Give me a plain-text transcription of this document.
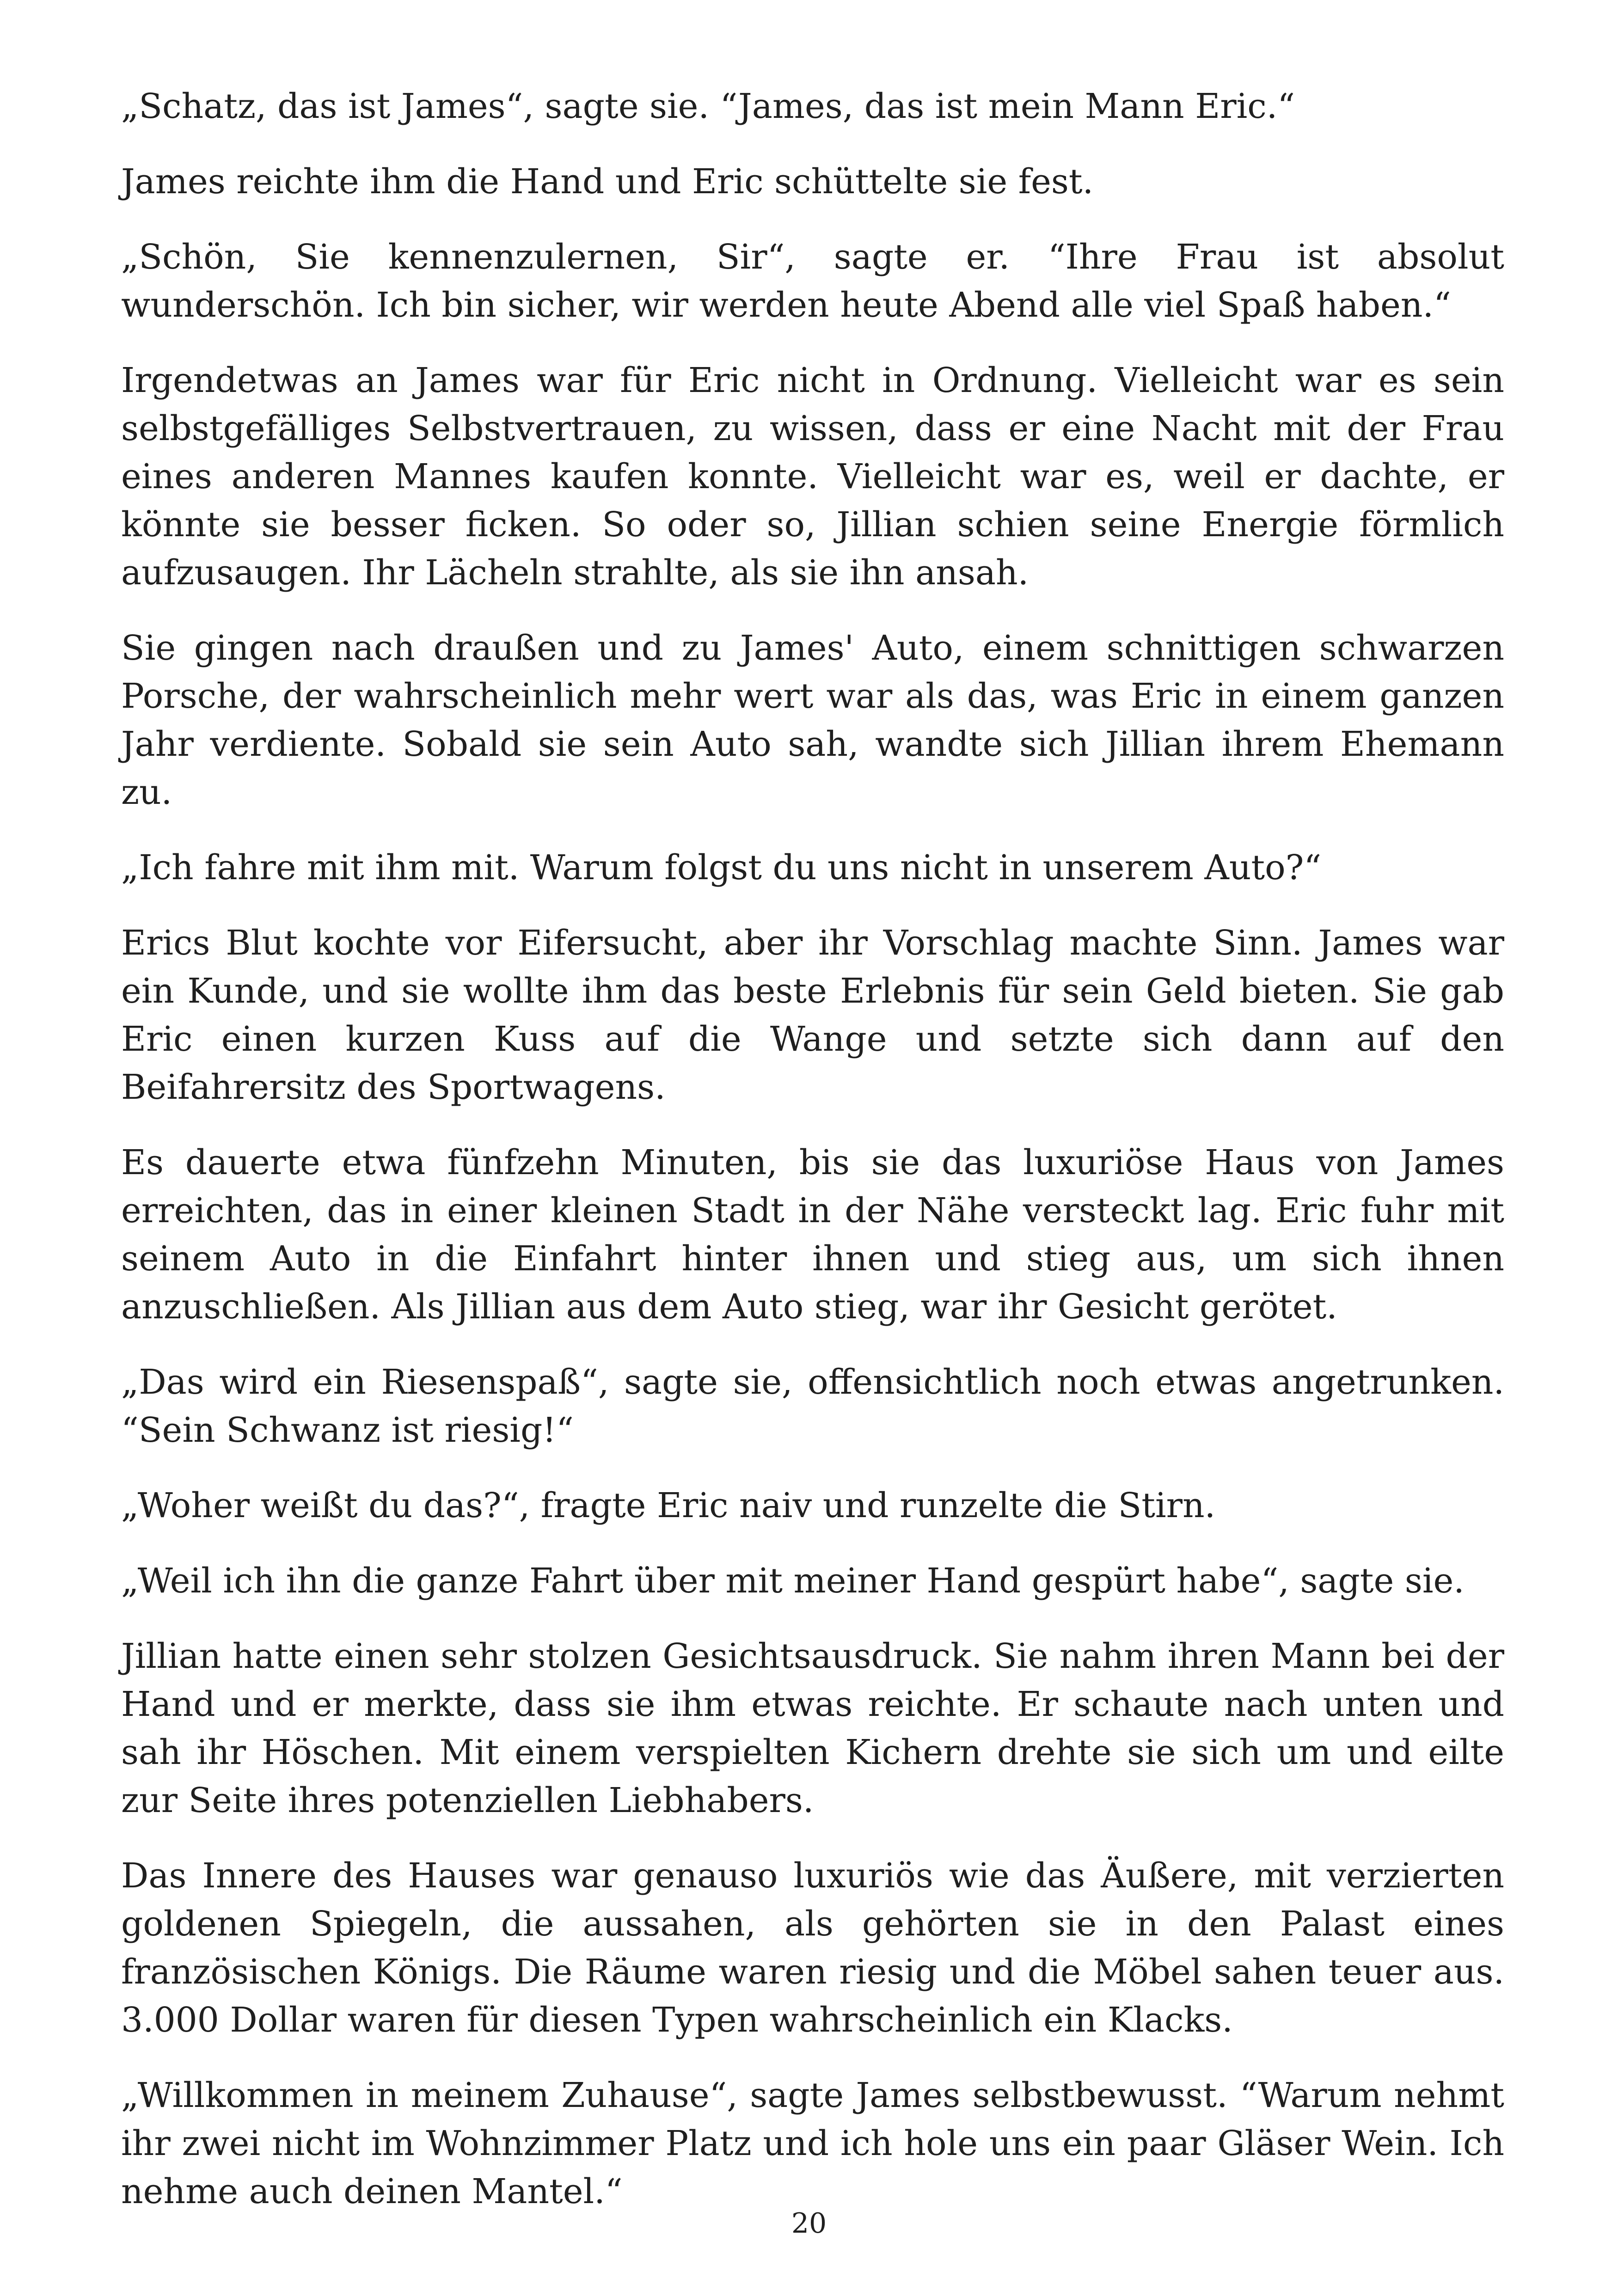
„Schatz, das ist James“, sagte sie. “James, das ist mein Mann Eric.“

James reichte ihm die Hand und Eric schüttelte sie fest.

„Schön, Sie kennenzulernen, Sir“, sagte er. “Ihre Frau ist absolut wunderschön. Ich bin sicher, wir werden heute Abend alle viel Spaß haben.“

Irgendetwas an James war für Eric nicht in Ordnung. Vielleicht war es sein selbstgefälliges Selbstvertrauen, zu wissen, dass er eine Nacht mit der Frau eines anderen Mannes kaufen konnte. Vielleicht war es, weil er dachte, er könnte sie besser ficken. So oder so, Jillian schien seine Energie förmlich aufzusaugen. Ihr Lächeln strahlte, als sie ihn ansah.

Sie gingen nach draußen und zu James' Auto, einem schnittigen schwarzen Porsche, der wahrscheinlich mehr wert war als das, was Eric in einem ganzen Jahr verdiente. Sobald sie sein Auto sah, wandte sich Jillian ihrem Ehemann zu.

„Ich fahre mit ihm mit. Warum folgst du uns nicht in unserem Auto?“

Erics Blut kochte vor Eifersucht, aber ihr Vorschlag machte Sinn. James war ein Kunde, und sie wollte ihm das beste Erlebnis für sein Geld bieten. Sie gab Eric einen kurzen Kuss auf die Wange und setzte sich dann auf den Beifahrersitz des Sportwagens.

Es dauerte etwa fünfzehn Minuten, bis sie das luxuriöse Haus von James erreichten, das in einer kleinen Stadt in der Nähe versteckt lag. Eric fuhr mit seinem Auto in die Einfahrt hinter ihnen und stieg aus, um sich ihnen anzuschließen. Als Jillian aus dem Auto stieg, war ihr Gesicht gerötet.

„Das wird ein Riesenspaß“, sagte sie, offensichtlich noch etwas angetrunken. “Sein Schwanz ist riesig!“

„Woher weißt du das?“, fragte Eric naiv und runzelte die Stirn.

„Weil ich ihn die ganze Fahrt über mit meiner Hand gespürt habe“, sagte sie.

Jillian hatte einen sehr stolzen Gesichtsausdruck. Sie nahm ihren Mann bei der Hand und er merkte, dass sie ihm etwas reichte. Er schaute nach unten und sah ihr Höschen. Mit einem verspielten Kichern drehte sie sich um und eilte zur Seite ihres potenziellen Liebhabers.

Das Innere des Hauses war genauso luxuriös wie das Äußere, mit verzierten goldenen Spiegeln, die aussahen, als gehörten sie in den Palast eines französischen Königs. Die Räume waren riesig und die Möbel sahen teuer aus. 3.000 Dollar waren für diesen Typen wahrscheinlich ein Klacks.

„Willkommen in meinem Zuhause“, sagte James selbstbewusst. “Warum nehmt ihr zwei nicht im Wohnzimmer Platz und ich hole uns ein paar Gläser Wein. Ich nehme auch deinen Mantel.“

20
